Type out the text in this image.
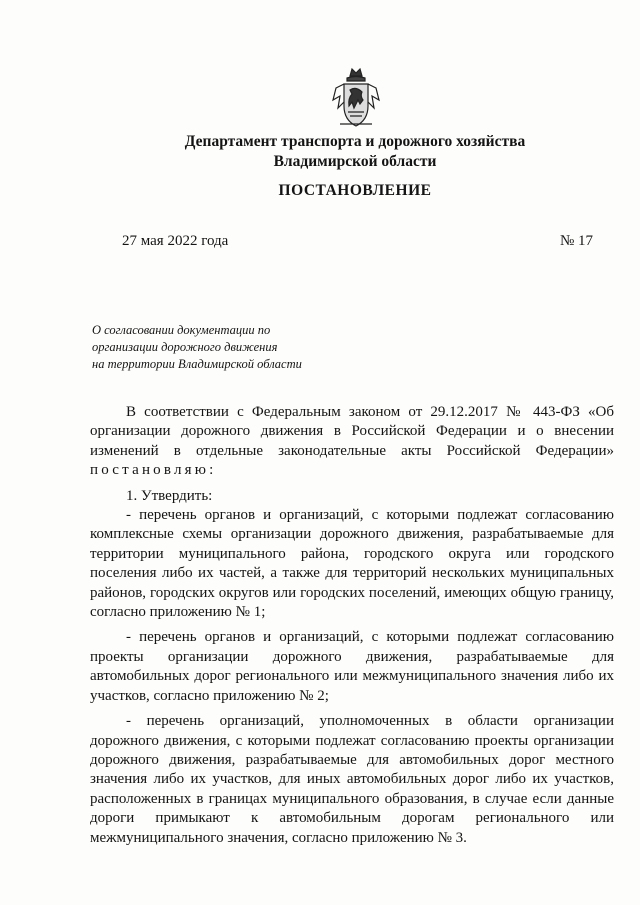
Департамент транспорта и дорожного хозяйства
Владимирской области
ПОСТАНОВЛЕНИЕ
27 мая 2022 года	№ 17
О согласовании документации по
организации дорожного движения
на территории Владимирской области

В соответствии с Федеральным законом от 29.12.2017 № 443-ФЗ «Об организации дорожного движения в Российской Федерации и о внесении изменений в отдельные законодательные акты Российской Федерации» постановляю:

1. Утвердить:

- перечень органов и организаций, с которыми подлежат согласованию комплексные схемы организации дорожного движения, разрабатываемые для территории муниципального района, городского округа или городского поселения либо их частей, а также для территорий нескольких муниципальных районов, городских округов или городских поселений, имеющих общую границу, согласно приложению № 1;

- перечень органов и организаций, с которыми подлежат согласованию проекты организации дорожного движения, разрабатываемые для автомобильных дорог регионального или межмуниципального значения либо их участков, согласно приложению № 2;

- перечень организаций, уполномоченных в области организации дорожного движения, с которыми подлежат согласованию проекты организации дорожного движения, разрабатываемые для автомобильных дорог местного значения либо их участков, для иных автомобильных дорог либо их участков, расположенных в границах муниципального образования, в случае если данные дороги примыкают к автомобильным дорогам регионального или межмуниципального значения, согласно приложению № 3.
